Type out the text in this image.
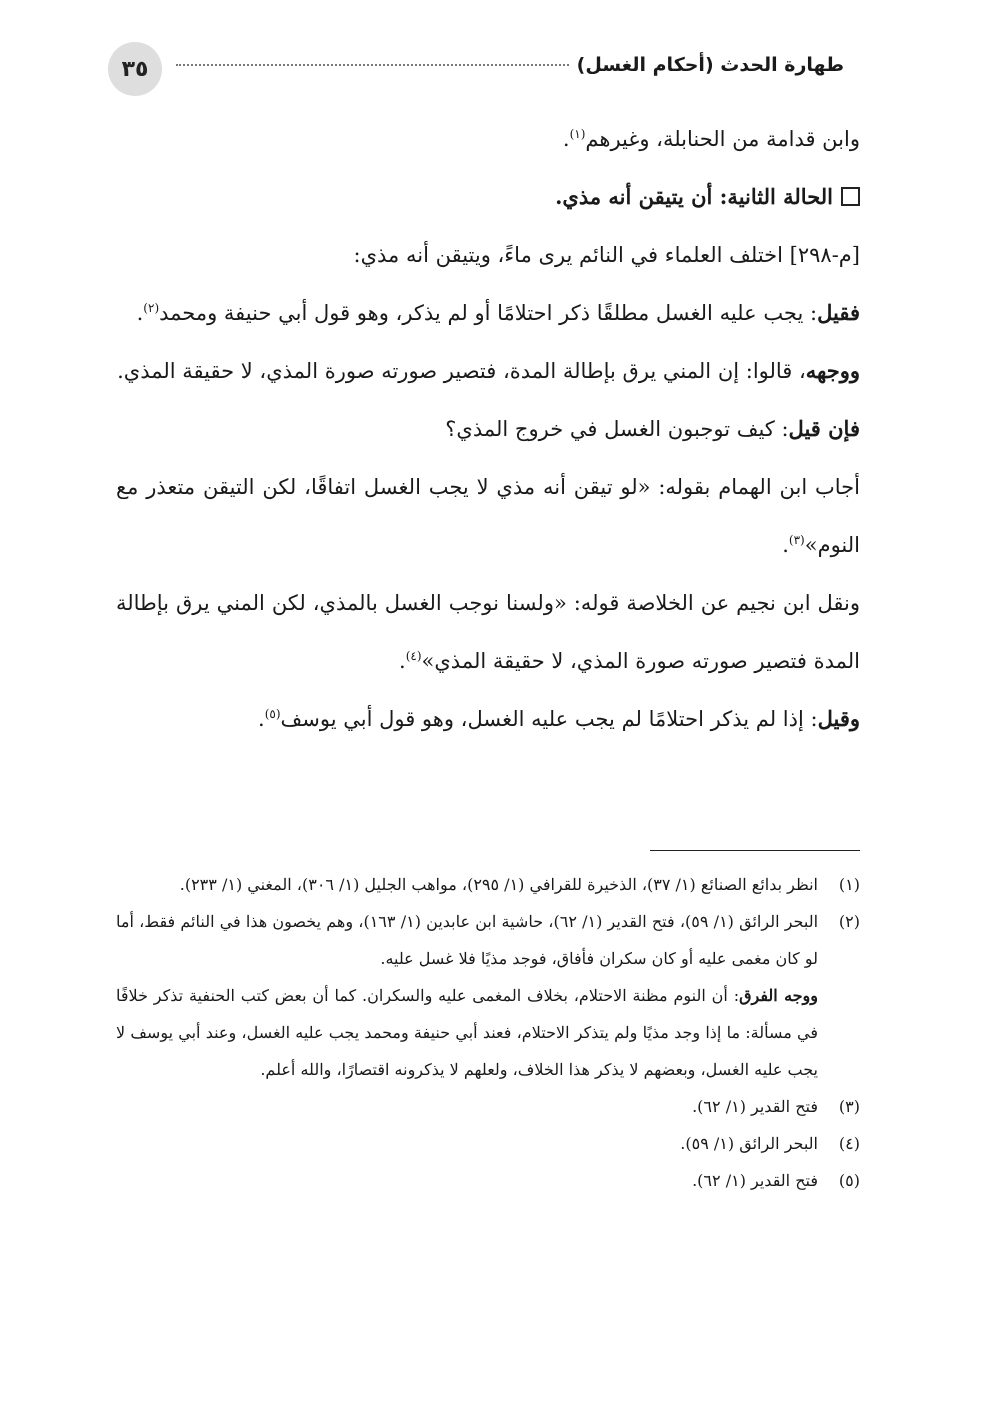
طهارة الحدث (أحكام الغسل)
٣٥

وابن قدامة من الحنابلة، وغيرهم$^{(١)}$.

الحالة الثانية: أن يتيقن أنه مذي.

[م-٢٩٨] اختلف العلماء في النائم يرى ماءً، ويتيقن أنه مذي:

فقيل: يجب عليه الغسل مطلقًا ذكر احتلامًا أو لم يذكر، وهو قول أبي حنيفة ومحمد$^{(٢)}$.

ووجهه، قالوا: إن المني يرق بإطالة المدة، فتصير صورته صورة المذي، لا حقيقة المذي.

فإن قيل: كيف توجبون الغسل في خروج المذي؟

أجاب ابن الهمام بقوله: «لو تيقن أنه مذي لا يجب الغسل اتفاقًا، لكن التيقن متعذر مع النوم»$^{(٣)}$.

ونقل ابن نجيم عن الخلاصة قوله: «ولسنا نوجب الغسل بالمذي، لكن المني يرق بإطالة المدة فتصير صورته صورة المذي، لا حقيقة المذي»$^{(٤)}$.

وقيل: إذا لم يذكر احتلامًا لم يجب عليه الغسل، وهو قول أبي يوسف$^{(٥)}$.

(١)
انظر بدائع الصنائع (١/ ٣٧)، الذخيرة للقرافي (١/ ٢٩٥)، مواهب الجليل (١/ ٣٠٦)، المغني (١/ ٢٣٣).
(٢)

البحر الرائق (١/ ٥٩)، فتح القدير (١/ ٦٢)، حاشية ابن عابدين (١/ ١٦٣)، وهم يخصون هذا في النائم فقط، أما لو كان مغمى عليه أو كان سكران فأفاق، فوجد مذيًا فلا غسل عليه.

ووجه الفرق: أن النوم مظنة الاحتلام، بخلاف المغمى عليه والسكران. كما أن بعض كتب الحنفية تذكر خلافًا في مسألة: ما إذا وجد مذيًا ولم يتذكر الاحتلام، فعند أبي حنيفة ومحمد يجب عليه الغسل، وعند أبي يوسف لا يجب عليه الغسل، وبعضهم لا يذكر هذا الخلاف، ولعلهم لا يذكرونه اقتصارًا، والله أعلم.

(٣)
فتح القدير (١/ ٦٢).
(٤)
البحر الرائق (١/ ٥٩).
(٥)
فتح القدير (١/ ٦٢).
